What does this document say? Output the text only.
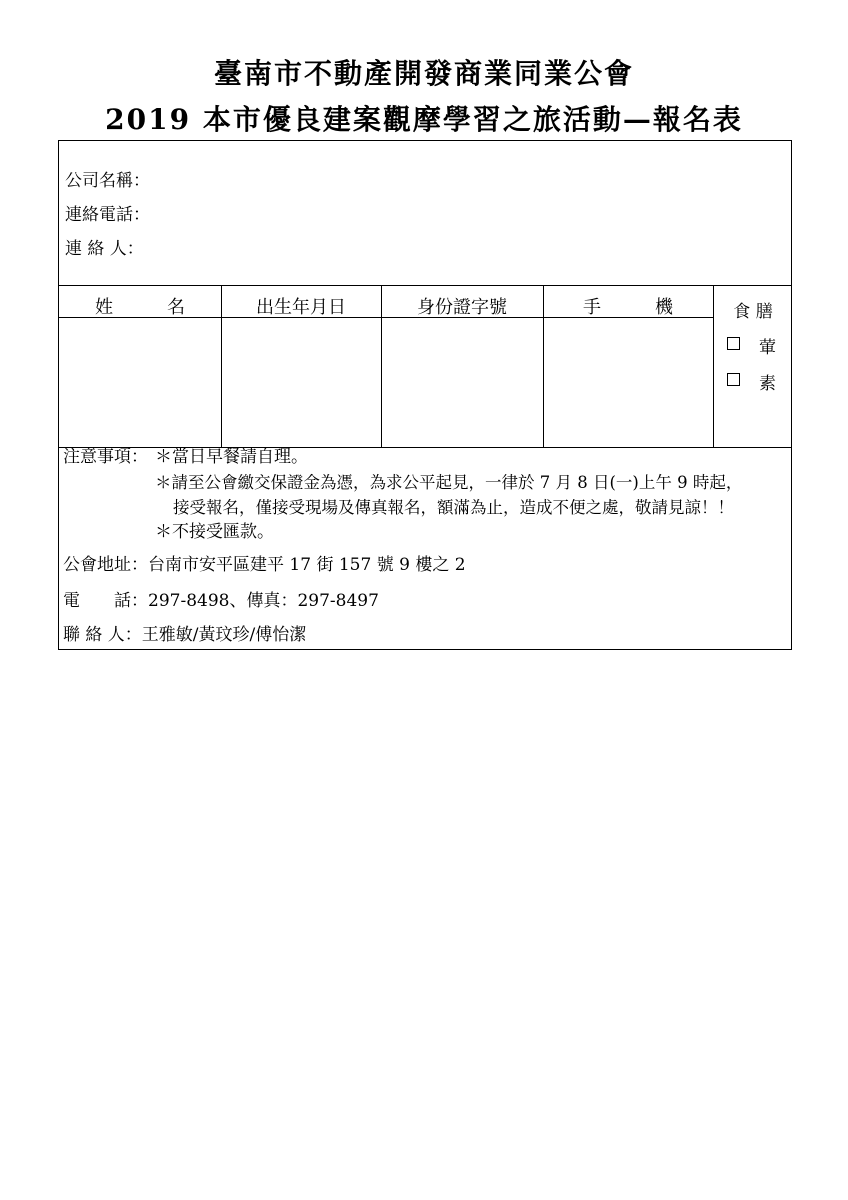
臺南市不動產開發商業同業公會
2019 本市優良建案觀摩學習之旅活動—報名表
公司名稱：
連絡電話：
連 絡 人：
姓　　　名	出生年月日	身份證字號	手　　　機	食 膳
葷
素
注意事項： ＊當日早餐請自理。
＊請至公會繳交保證金為憑，為求公平起見，一律於 7 月 8 日(一)上午 9 時起，
接受報名，僅接受現場及傳真報名，額滿為止，造成不便之處，敬請見諒！！
＊不接受匯款。
公會地址：台南市安平區建平 17 街 157 號 9 樓之 2
電　　話：297-8498、傳真：297-8497
聯 絡 人：王雅敏/黃玟珍/傅怡潔
